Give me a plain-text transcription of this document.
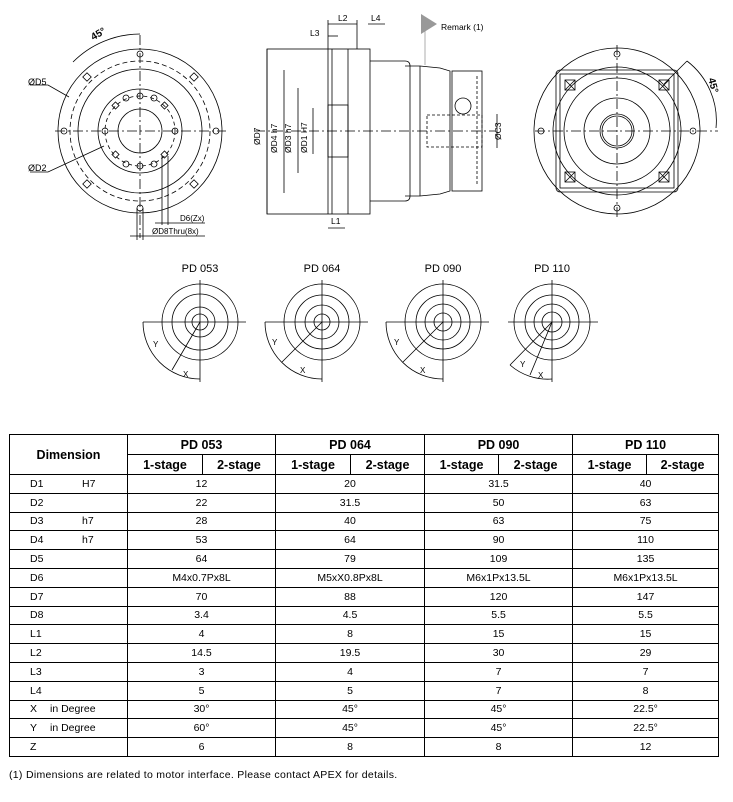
45°
ØD5
ØD2
D6(Zx)
ØD8Thru(8x)
L2	L4
L3
ØD7 ØD4 h7 ØD3 h7 ØD1 H7	ØC3
L1
Remark (1)
45°
PD 053	PD 064	PD 090	PD 110
Y
X
Y
X
Y
X
Y
X
Dimension	PD 053		PD 064		PD 090		PD 110	
	1-stage	2-stage	1-stage	2-stage	1-stage	2-stage	1-stage	2-stage

D1 H7	12		20		31.5		40	

D2	22		31.5		50		63	

D3 h7	28		40		63		75	

D4 h7	53		64		90		110	

D5	64		79		109		135	

D6	M4x0.7Px8L		M5xX0.8Px8L		M6x1Px13.5L		M6x1Px13.5L	

D7	70		88		120		147	

D8	3.4		4.5		5.5		5.5	

L1	4		8		15		15	

L2	14.5		19.5		30		29	

L3	3		4		7		7	

L4	5		5		7		8	

X in Degree	30°		45°		45°		22.5°	

Y in Degree	60°		45°		45°		22.5°	

Z	6		8		8		12	
(1) Dimensions are related to motor interface. Please contact APEX for details.
